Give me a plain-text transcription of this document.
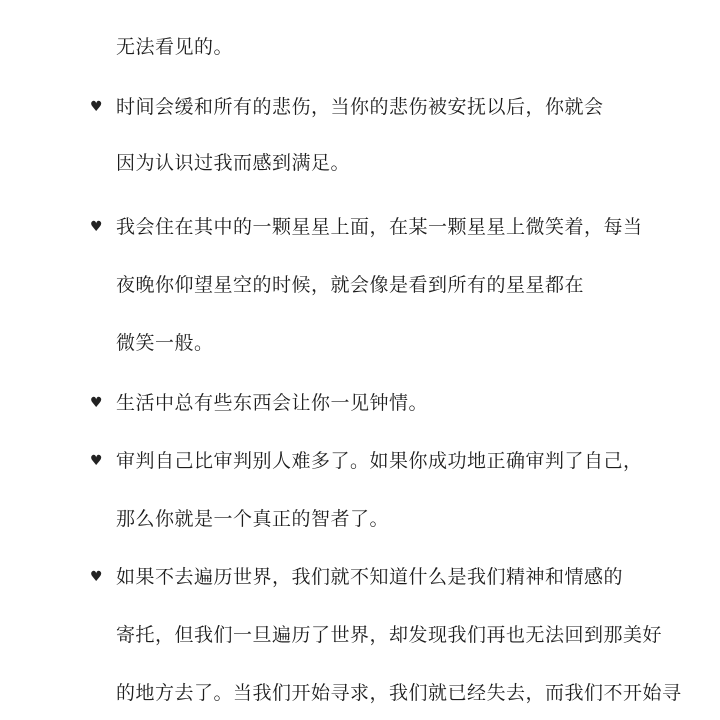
无法看见的。
♥ 时间会缓和所有的悲伤，当你的悲伤被安抚以后，你就会
因为认识过我而感到满足。
♥ 我会住在其中的一颗星星上面，在某一颗星星上微笑着，每当
夜晚你仰望星空的时候，就会像是看到所有的星星都在
微笑一般。
♥ 生活中总有些东西会让你一见钟情。
♥ 审判自己比审判别人难多了。如果你成功地正确审判了自己，
那么你就是一个真正的智者了。
♥ 如果不去遍历世界，我们就不知道什么是我们精神和情感的
寄托，但我们一旦遍历了世界，却发现我们再也无法回到那美好
的地方去了。当我们开始寻求，我们就已经失去，而我们不开始寻
